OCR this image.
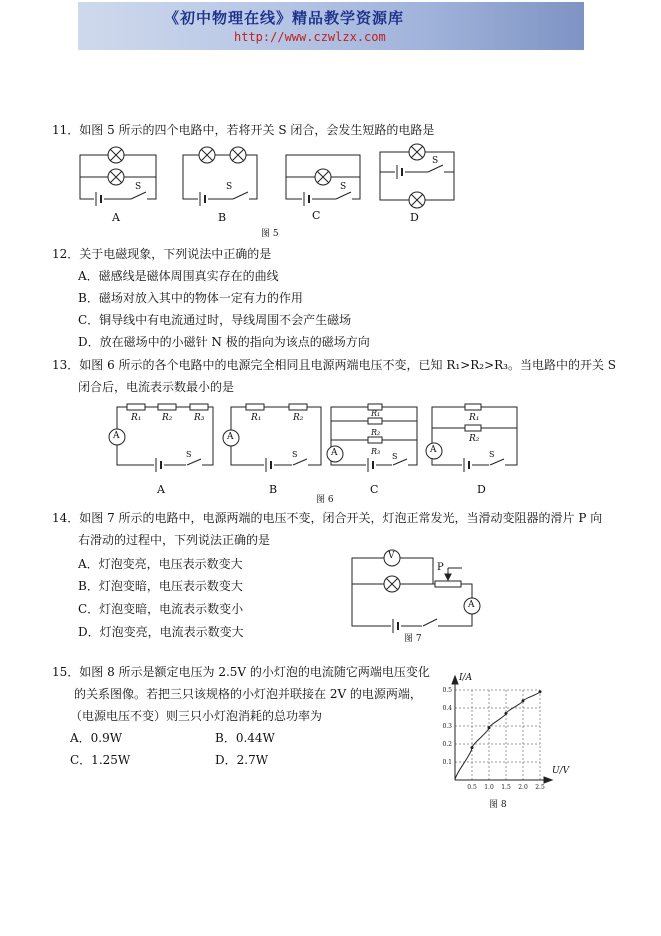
《初中物理在线》精品教学资源库
http://www.czwlzx.com
11．如图 5 所示的四个电路中，若将开关 S 闭合，会发生短路的电路是
S	S	S
S
A	B	C	D
图 5
12．关于电磁现象，下列说法中正确的是
A．磁感线是磁体周围真实存在的曲线
B．磁场对放入其中的物体一定有力的作用
C．铜导线中有电流通过时，导线周围不会产生磁场
D．放在磁场中的小磁针 N 极的指向为该点的磁场方向
13．如图 6 所示的各个电路中的电源完全相同且电源两端电压不变，已知 R₁>R₂>R₃。当电路中的开关 S
闭合后，电流表示数最小的是
R₁ R₂ R₃	R₁	R₂	R₁
R₂
R₃
R₁
R₂
A	A
A	A
S	S	S	S
A	B	C	D
图 6
14．如图 7 所示的电路中，电源两端的电压不变，闭合开关，灯泡正常发光，当滑动变阻器的滑片 P 向
右滑动的过程中，下列说法正确的是
A．灯泡变亮，电压表示数变大
B．灯泡变暗，电压表示数变大
C．灯泡变暗，电流表示数变小
D．灯泡变亮，电流表示数变大
V
A
P
图 7
15．如图 8 所示是额定电压为 2.5V 的小灯泡的电流随它两端电压变化
的关系图像。若把三只该规格的小灯泡并联接在 2V 的电源两端，
（电源电压不变）则三只小灯泡消耗的总功率为
A．0.9W	B．0.44W
C．1.25W	D．2.7W
0.5 1.0 1.5 2.0 2.5
0.1
0.2
0.3
0.4
0.5
I/A
U/V
图 8
